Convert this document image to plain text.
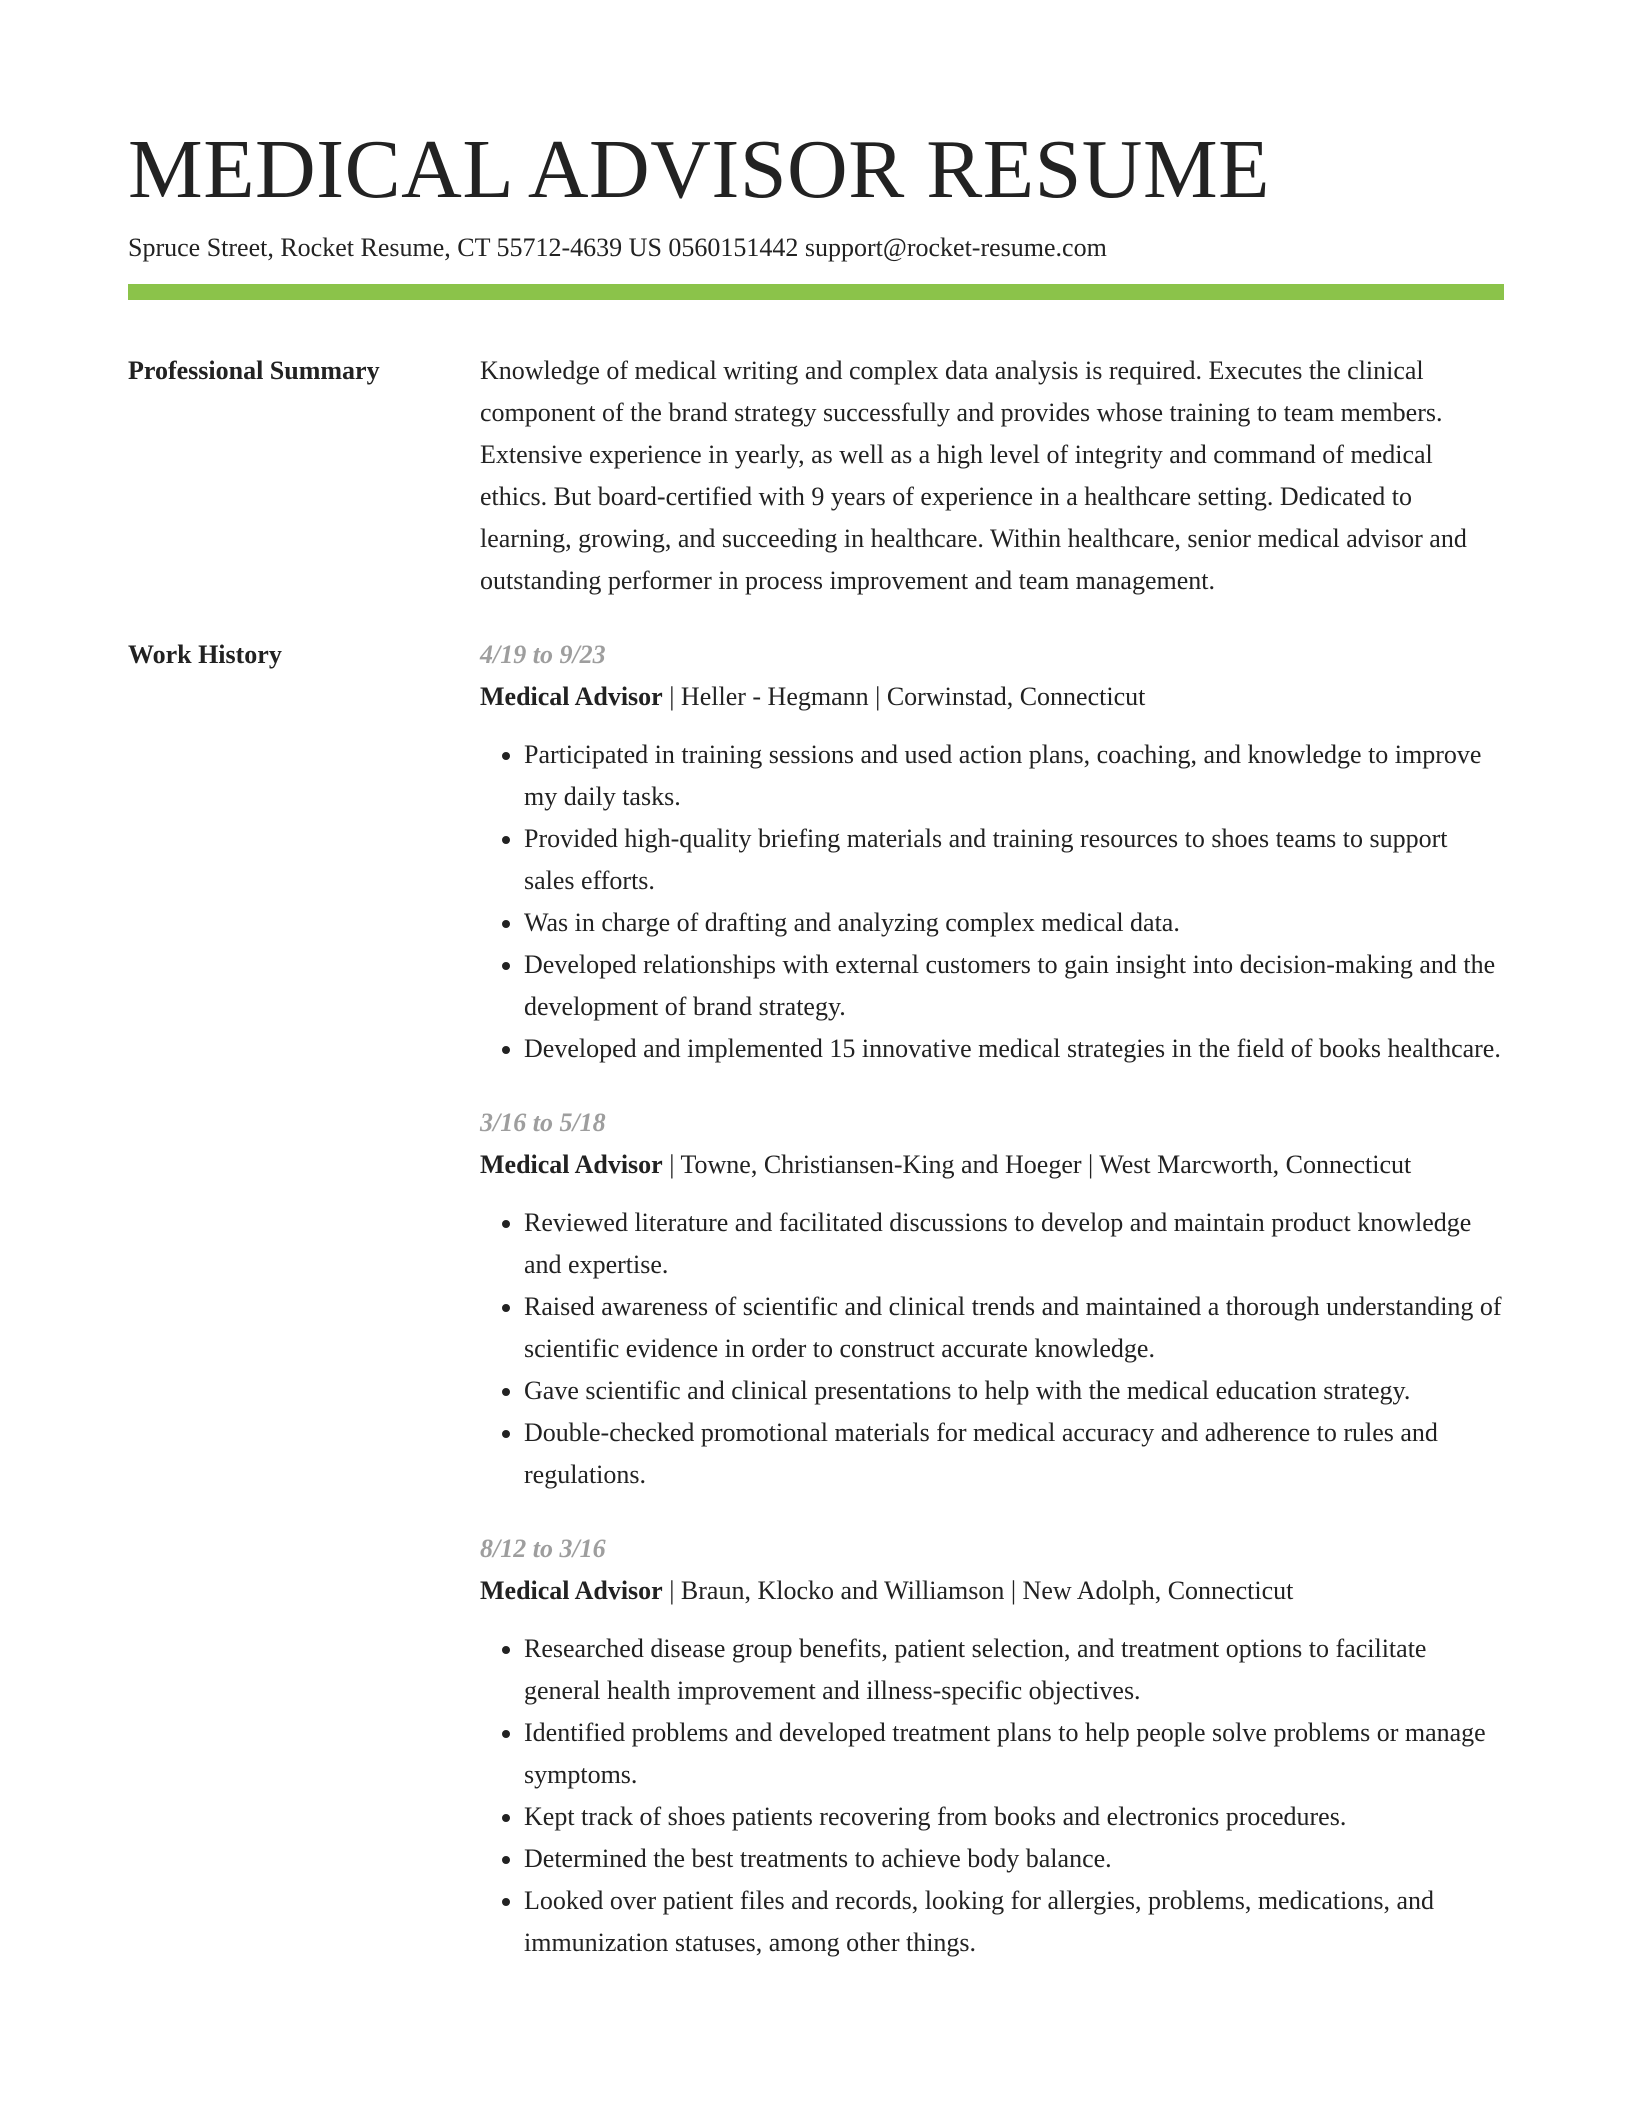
MEDICAL ADVISOR RESUME
Spruce Street, Rocket Resume, CT 55712-4639 US 0560151442 support@rocket-resume.com
Professional Summary	Knowledge of medical writing and complex data analysis is required. Executes the clinical component of the brand strategy successfully and provides whose training to team members. Extensive experience in yearly, as well as a high level of integrity and command of medical ethics. But board-certified with 9 years of experience in a healthcare setting. Dedicated to learning, growing, and succeeding in healthcare. Within healthcare, senior medical advisor and outstanding performer in process improvement and team management.

Work History	4/19 to 9/23
Medical Advisor | Heller - Hegmann | Corwinstad, Connecticut
• Participated in training sessions and used action plans, coaching, and knowledge to improve my daily tasks.
• Provided high-quality briefing materials and training resources to shoes teams to support sales efforts.
• Was in charge of drafting and analyzing complex medical data.
• Developed relationships with external customers to gain insight into decision-making and the development of brand strategy.
• Developed and implemented 15 innovative medical strategies in the field of books healthcare.
3/16 to 5/18
Medical Advisor | Towne, Christiansen-King and Hoeger | West Marcworth, Connecticut
• Reviewed literature and facilitated discussions to develop and maintain product knowledge and expertise.
• Raised awareness of scientific and clinical trends and maintained a thorough understanding of scientific evidence in order to construct accurate knowledge.
• Gave scientific and clinical presentations to help with the medical education strategy.
• Double-checked promotional materials for medical accuracy and adherence to rules and regulations.
8/12 to 3/16
Medical Advisor | Braun, Klocko and Williamson | New Adolph, Connecticut
• Researched disease group benefits, patient selection, and treatment options to facilitate general health improvement and illness-specific objectives.
• Identified problems and developed treatment plans to help people solve problems or manage symptoms.
• Kept track of shoes patients recovering from books and electronics procedures.
• Determined the best treatments to achieve body balance.
• Looked over patient files and records, looking for allergies, problems, medications, and immunization statuses, among other things.
